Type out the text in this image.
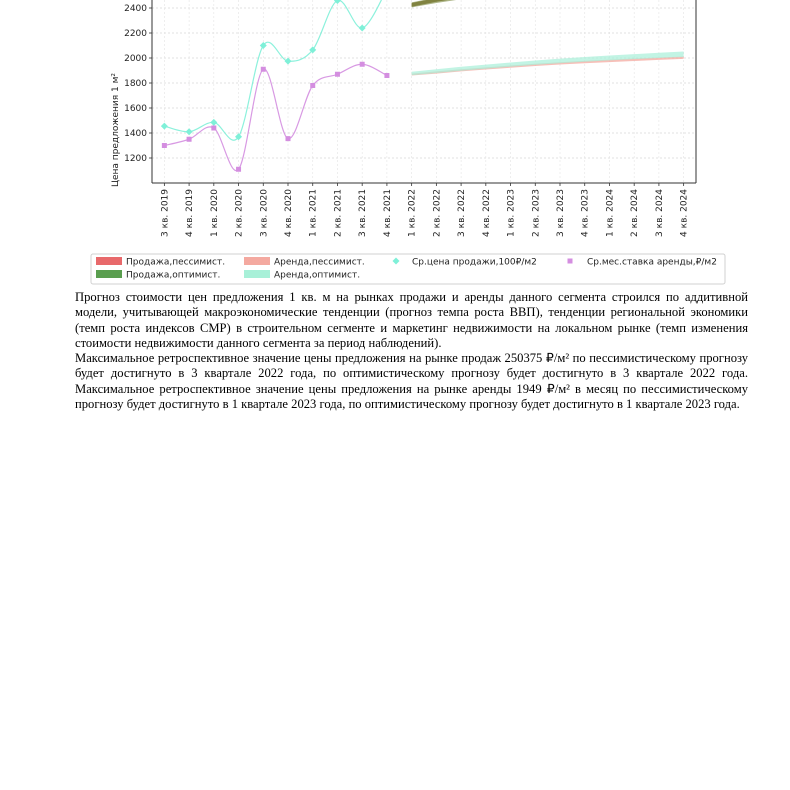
1200
1400
1600
1800
2000
2200
2400
3 кв. 2019 4 кв. 2019 1 кв. 2020 2 кв. 2020 3 кв. 2020 4 кв. 2020 1 кв. 2021 2 кв. 2021 3 кв. 2021 4 кв. 2021 1 кв. 2022 2 кв. 2022 3 кв. 2022 4 кв. 2022 1 кв. 2023 2 кв. 2023 3 кв. 2023 4 кв. 2023 1 кв. 2024 2 кв. 2024 3 кв. 2024 4 кв. 2024
Цена предложения 1 м²
Продажа,пессимист.	Аренда,пессимист.	Ср.цена продажи,100₽/м2	Ср.мес.ставка аренды,₽/м2
Продажа,оптимист.	Аренда,оптимист.

Прогноз стоимости цен предложения 1 кв. м на рынках продажи и аренды данного сегмента строился по аддитивной модели, учитывающей макроэкономические тенденции (прогноз темпа роста ВВП), тенденции региональной экономики (темп роста индексов СМР) в строительном сегменте и маркетинг недвижимости на локальном рынке (темп изменения стоимости недвижимости данного сегмента за период наблюдений).

Максимальное ретроспективное значение цены предложения на рынке продаж 250375 ₽/м² по пессимистическому прогнозу будет достигнуто в 3 квартале 2022 года, по оптимистическому прогнозу будет достигнуто в 3 квартале 2022 года. Максимальное ретроспективное значение цены предложения на рынке аренды 1949 ₽/м² в месяц по пессимистическому прогнозу будет достигнуто в 1 квартале 2023 года, по оптимистическому прогнозу будет достигнуто в 1 квартале 2023 года.
